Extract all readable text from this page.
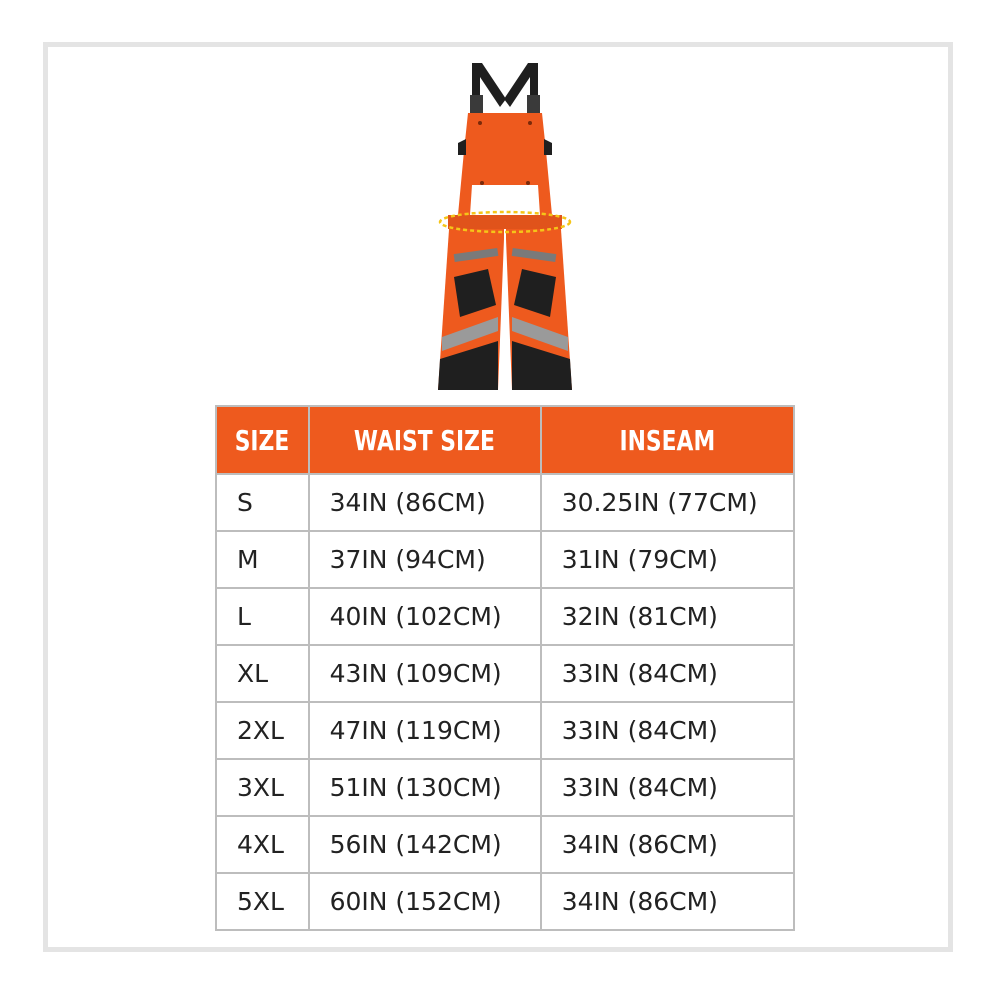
SIZE	WAIST SIZE	INSEAM
S	34IN (86CM)	30.25IN (77CM)
M	37IN (94CM)	31IN (79CM)
L	40IN (102CM)	32IN (81CM)
XL	43IN (109CM)	33IN (84CM)
2XL	47IN (119CM)	33IN (84CM)
3XL	51IN (130CM)	33IN (84CM)
4XL	56IN (142CM)	34IN (86CM)
5XL	60IN (152CM)	34IN (86CM)
